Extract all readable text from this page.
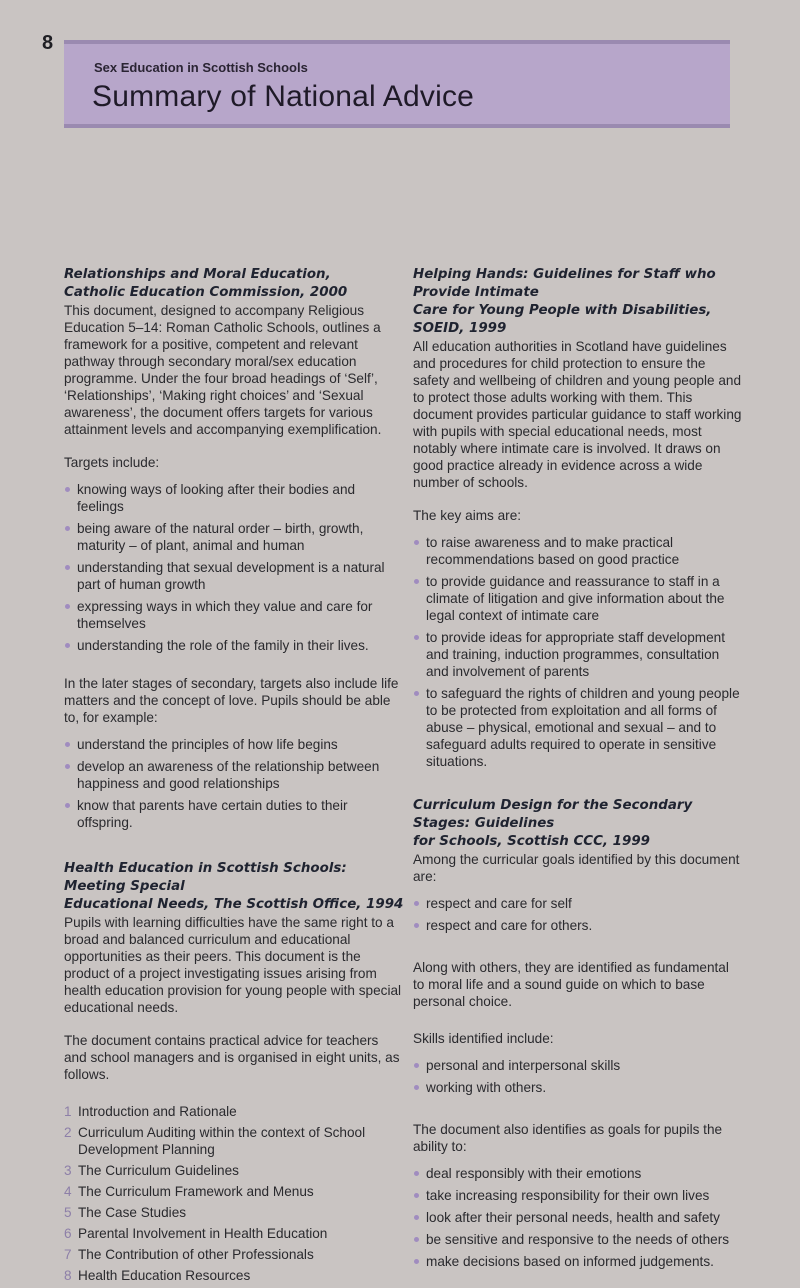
8
Sex Education in Scottish Schools
Summary of National Advice
Relationships and Moral Education,
Catholic Education Commission, 2000

This document, designed to accompany Religious Education 5–14: Roman Catholic Schools, outlines a framework for a positive, competent and relevant pathway through secondary moral/sex education programme. Under the four broad headings of ‘Self’, ‘Relationships’, ‘Making right choices’ and ‘Sexual awareness’, the document offers targets for various attainment levels and accompanying exemplification.

Targets include:

knowing ways of looking after their bodies and feelings
being aware of the natural order – birth, growth, maturity – of plant, animal and human
understanding that sexual development is a natural part of human growth
expressing ways in which they value and care for themselves
understanding the role of the family in their lives.

In the later stages of secondary, targets also include life matters and the concept of love. Pupils should be able to, for example:

understand the principles of how life begins
develop an awareness of the relationship between happiness and good relationships
know that parents have certain duties to their offspring.
Health Education in Scottish Schools: Meeting Special
Educational Needs, The Scottish Office, 1994

Pupils with learning difficulties have the same right to a broad and balanced curriculum and educational opportunities as their peers. This document is the product of a project investigating issues arising from health education provision for young people with special educational needs.

The document contains practical advice for teachers and school managers and is organised in eight units, as follows.

1 Introduction and Rationale
2 Curriculum Auditing within the context of School Development Planning
3 The Curriculum Guidelines
4 The Curriculum Framework and Menus
5 The Case Studies
6 Parental Involvement in Health Education
7 The Contribution of other Professionals
8 Health Education Resources
Helping Hands: Guidelines for Staff who Provide Intimate
Care for Young People with Disabilities, SOEID, 1999

All education authorities in Scotland have guidelines and procedures for child protection to ensure the safety and wellbeing of children and young people and to protect those adults working with them. This document provides particular guidance to staff working with pupils with special educational needs, most notably where intimate care is involved. It draws on good practice already in evidence across a wide number of schools.

The key aims are:

to raise awareness and to make practical recommendations based on good practice
to provide guidance and reassurance to staff in a climate of litigation and give information about the legal context of intimate care
to provide ideas for appropriate staff development and training, induction programmes, consultation and involvement of parents
to safeguard the rights of children and young people to be protected from exploitation and all forms of abuse – physical, emotional and sexual – and to safeguard adults required to operate in sensitive situations.
Curriculum Design for the Secondary Stages: Guidelines
for Schools, Scottish CCC, 1999

Among the curricular goals identified by this document are:

respect and care for self
respect and care for others.

Along with others, they are identified as fundamental to moral life and a sound guide on which to base personal choice.

Skills identified include:

personal and interpersonal skills
working with others.

The document also identifies as goals for pupils the ability to:

deal responsibly with their emotions
take increasing responsibility for their own lives
look after their personal needs, health and safety
be sensitive and responsive to the needs of others
make decisions based on informed judgements.
